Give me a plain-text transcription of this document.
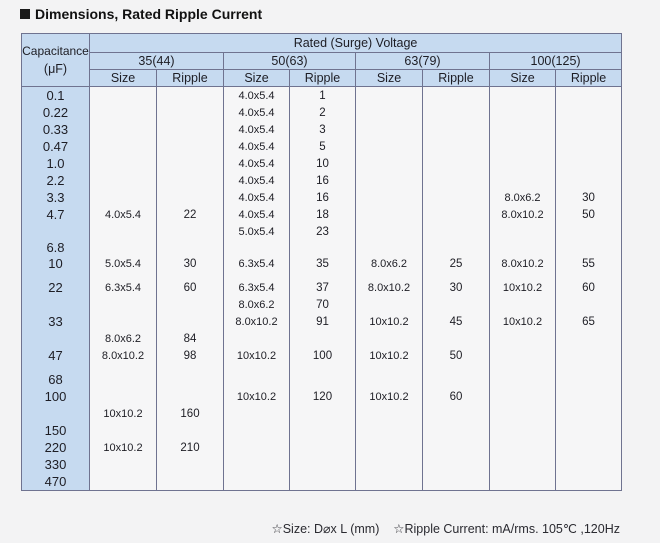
Dimensions, Rated Ripple Current
Capacitance
(μF)	Rated (Surge) Voltage							
	35(44)		50(63)		63(79)		100(125)	
	Size	Ripple	Size	Ripple	Size	Ripple	Size	Ripple
0.1			4.0x5.4	1				
0.22			4.0x5.4	2				
0.33			4.0x5.4	3				
0.47			4.0x5.4	5				
1.0			4.0x5.4	10				
2.2			4.0x5.4	16				
3.3			4.0x5.4	16			8.0x6.2	30
4.7	4.0x5.4	22	4.0x5.4	18			8.0x10.2	50
			5.0x5.4	23				
6.8								
10	5.0x5.4	30	6.3x5.4	35	8.0x6.2	25	8.0x10.2	55

22	6.3x5.4	60	6.3x5.4	37	8.0x10.2	30	10x10.2	60
			8.0x6.2	70				
33			8.0x10.2	91	10x10.2	45	10x10.2	65
	8.0x6.2	84						
47	8.0x10.2	98	10x10.2	100	10x10.2	50		

68								
100			10x10.2	120	10x10.2	60		
	10x10.2	160						
150								
220	10x10.2	210						
330								
470								
☆Size: D⌀x L (mm) ☆Ripple Current: mA/rms. 105℃ ,120Hz
